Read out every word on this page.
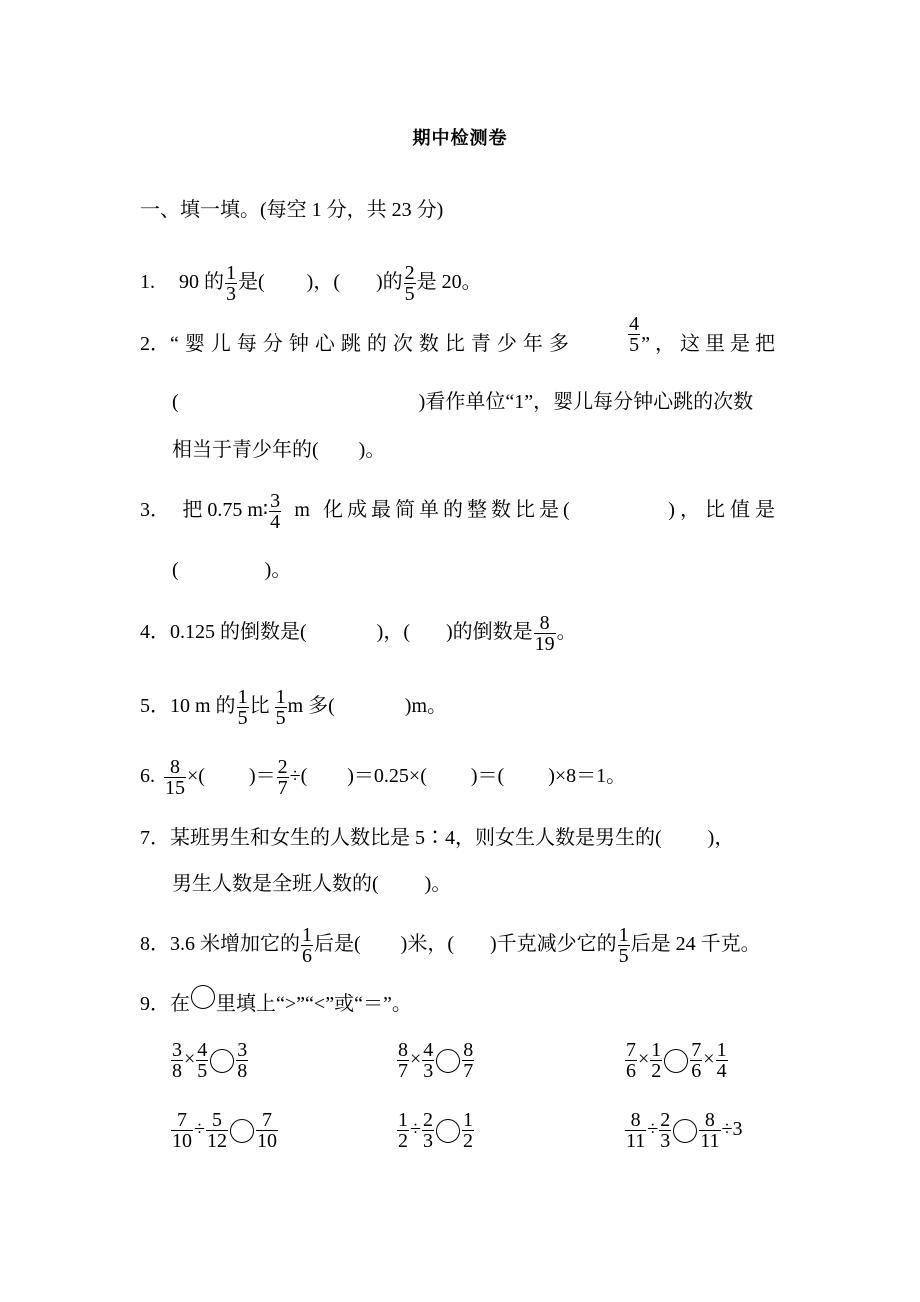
期中检测卷
一、填一填。(每空 1 分，共 23 分)
1. 90 的 $\frac{1}{3}$ 是( )，( )的 $\frac{2}{5}$ 是 20。
2． “婴儿每分钟心跳的次数比青少年多	$\frac{4}{5}$ ”，这里是把
(	)看作单位“1”，婴儿每分钟心跳的次数
相当于青少年的( )。
3． 把 0.75 m∶ $\frac{3}{4}$ m 化成最简单的整数比是(	)，比值是
(	)。
4．0.125 的倒数是(	)，( )的倒数是 $\frac{8}{19}$ 。
5．10 m 的 $\frac{1}{5}$ 比 $\frac{1}{5}$ m 多(	)m。
6. $\frac{8}{15}$ ×( )＝ $\frac{2}{7}$ ÷( )＝0.25×( )＝( )×8＝1。
7．某班男生和女生的人数比是 5∶4，则女生人数是男生的( )，
男生人数是全班人数的( )。
8．3.6 米增加它的 $\frac{1}{6}$ 后是( )米，( )千克减少它的 $\frac{1}{5}$ 后是 24 千克。
9．在 里填上“>”“<”或“＝”。
$\frac{3}{8} \times \frac{4}{5} \frac{3}{8}$	$\frac{8}{7} \times \frac{4}{3} \frac{8}{7}$	$\frac{7}{6} \times \frac{1}{2} \frac{7}{6} \times \frac{1}{4}$
$\frac{7}{10} \div \frac{5}{12} \frac{7}{10}$	$\frac{1}{2} \div \frac{2}{3} \frac{1}{2}$	$\frac{8}{11} \div \frac{2}{3} \frac{8}{11} \div 3$
